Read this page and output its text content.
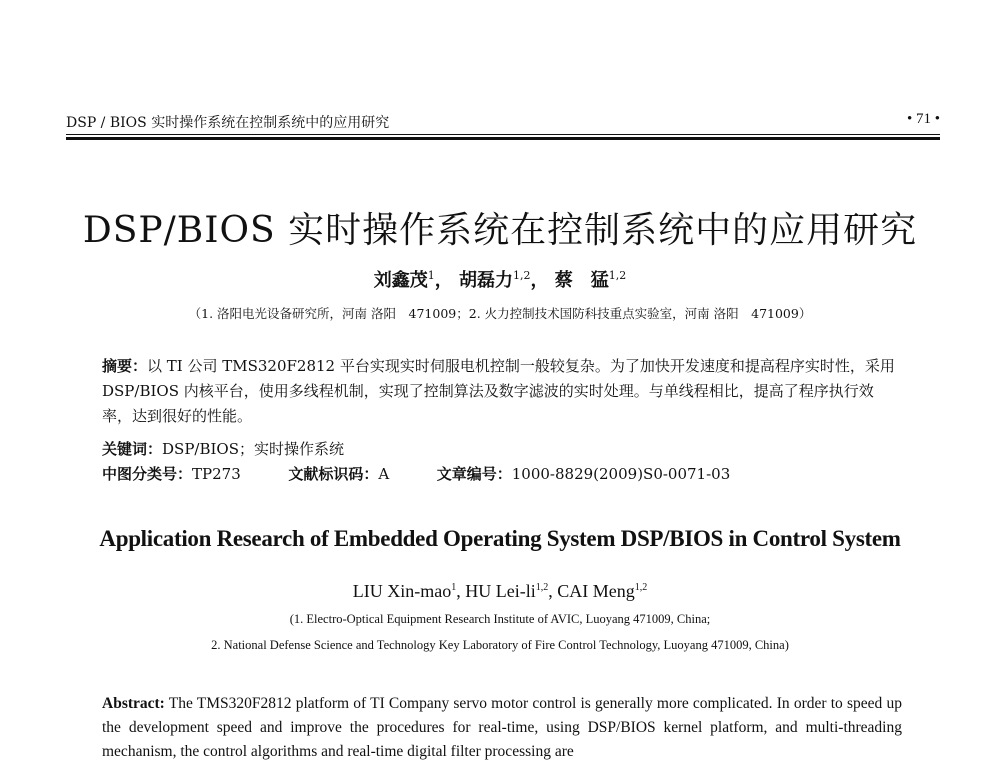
DSP / BIOS 实时操作系统在控制系统中的应用研究	• 71 •
DSP/BIOS 实时操作系统在控制系统中的应用研究
刘鑫茂$^1$， 胡磊力$^{1,2}$， 蔡　猛$^{1,2}$
（1. 洛阳电光设备研究所，河南 洛阳　471009；2. 火力控制技术国防科技重点实验室，河南 洛阳　471009）
摘要：以 TI 公司 TMS320F2812 平台实现实时伺服电机控制一般较复杂。为了加快开发速度和提高程序实时性，采用 DSP/BIOS 内核平台，使用多线程机制，实现了控制算法及数字滤波的实时处理。与单线程相比，提高了程序执行效率，达到很好的性能。
关键词：DSP/BIOS；实时操作系统
中图分类号：TP273	文献标识码：A	文章编号：1000-8829(2009)S0-0071-03
Application Research of Embedded Operating System DSP/BIOS in Control System
LIU Xin-mao$^1$, HU Lei-li$^{1,2}$, CAI Meng$^{1,2}$
(1. Electro-Optical Equipment Research Institute of AVIC, Luoyang 471009, China;
2. National Defense Science and Technology Key Laboratory of Fire Control Technology, Luoyang 471009, China)
Abstract: The TMS320F2812 platform of TI Company servo motor control is generally more complicated. In order to speed up the development speed and improve the procedures for real-time, using DSP/BIOS kernel platform, and multi-threading mechanism, the control algorithms and real-time digital filter processing are
